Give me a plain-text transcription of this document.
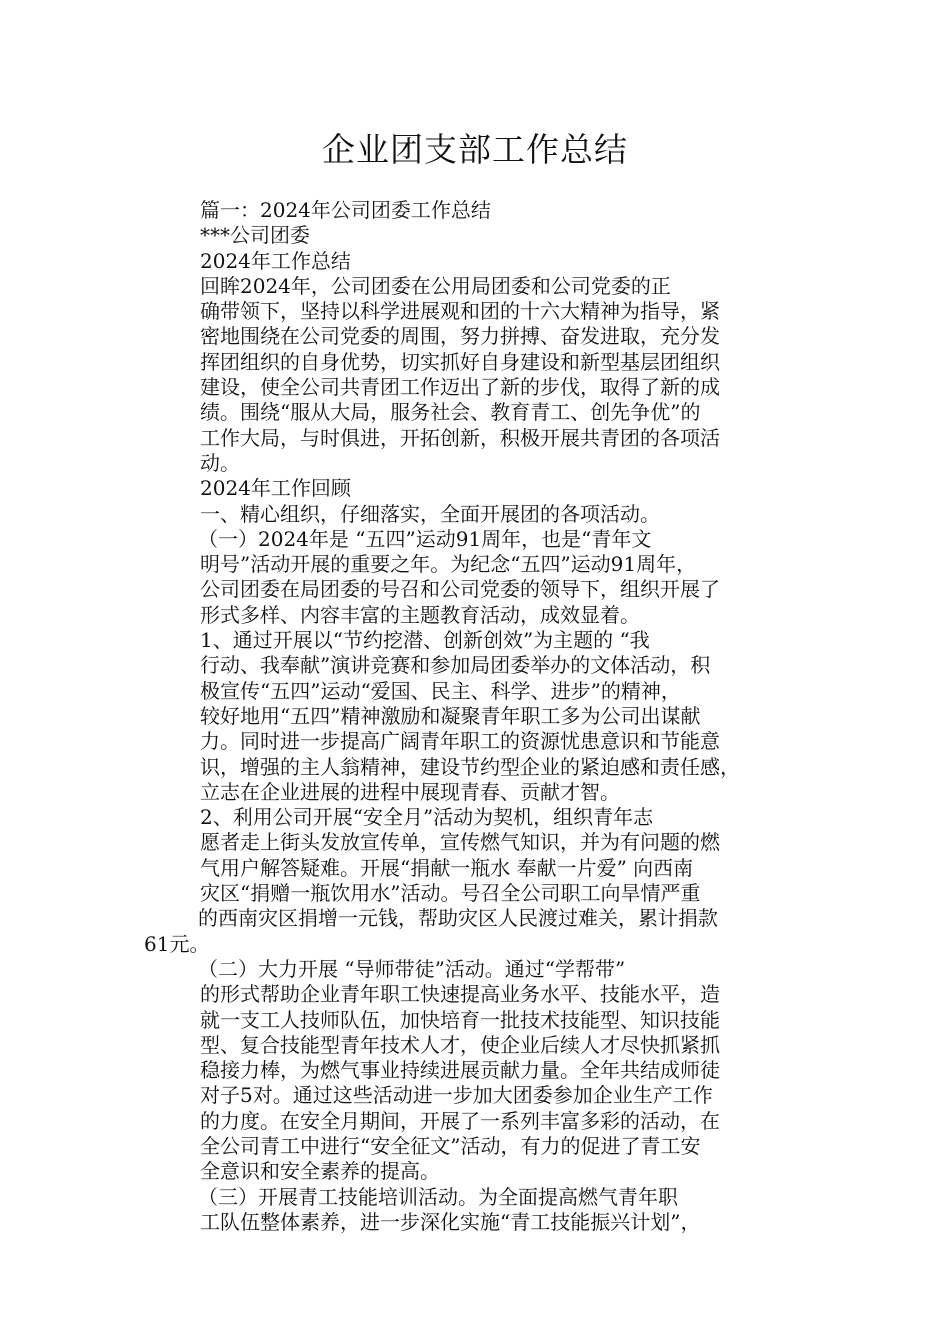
企业团支部工作总结
篇一：2024年公司团委工作总结
***公司团委
2024年工作总结
回眸2024年，公司团委在公用局团委和公司党委的正
确带领下，坚持以科学进展观和团的十六大精神为指导，紧
密地围绕在公司党委的周围，努力拼搏、奋发进取，充分发
挥团组织的自身优势，切实抓好自身建设和新型基层团组织
建设，使全公司共青团工作迈出了新的步伐，取得了新的成
绩。围绕“服从大局，服务社会、教育青工、创先争优”的
工作大局，与时俱进，开拓创新，积极开展共青团的各项活
动。
2024年工作回顾
一、精心组织，仔细落实，全面开展团的各项活动。
（一）2024年是 “五四”运动91周年，也是“青年文
明号”活动开展的重要之年。为纪念“五四”运动91周年，
公司团委在局团委的号召和公司党委的领导下，组织开展了
形式多样、内容丰富的主题教育活动，成效显着。
1、通过开展以“节约挖潜、创新创效”为主题的 “我
行动、我奉献”演讲竞赛和参加局团委举办的文体活动，积
极宣传“五四”运动“爱国、民主、科学、进步”的精神，
较好地用“五四”精神激励和凝聚青年职工多为公司出谋献
力。同时进一步提高广阔青年职工的资源忧患意识和节能意
识，增强的主人翁精神，建设节约型企业的紧迫感和责任感，
立志在企业进展的进程中展现青春、贡献才智。
2、利用公司开展“安全月”活动为契机，组织青年志
愿者走上街头发放宣传单，宣传燃气知识，并为有问题的燃
气用户解答疑难。开展“捐献一瓶水 奉献一片爱” 向西南
灾区“捐赠一瓶饮用水”活动。号召全公司职工向旱情严重
的西南灾区捐增一元钱，帮助灾区人民渡过难关，累计捐款
61元。
（二）大力开展 “导师带徒”活动。通过“学帮带”
的形式帮助企业青年职工快速提高业务水平、技能水平，造
就一支工人技师队伍，加快培育一批技术技能型、知识技能
型、复合技能型青年技术人才，使企业后续人才尽快抓紧抓
稳接力棒，为燃气事业持续进展贡献力量。全年共结成师徒
对子5对。通过这些活动进一步加大团委参加企业生产工作
的力度。在安全月期间，开展了一系列丰富多彩的活动，在
全公司青工中进行“安全征文”活动，有力的促进了青工安
全意识和安全素养的提高。
（三）开展青工技能培训活动。为全面提高燃气青年职
工队伍整体素养，进一步深化实施“青工技能振兴计划”，
